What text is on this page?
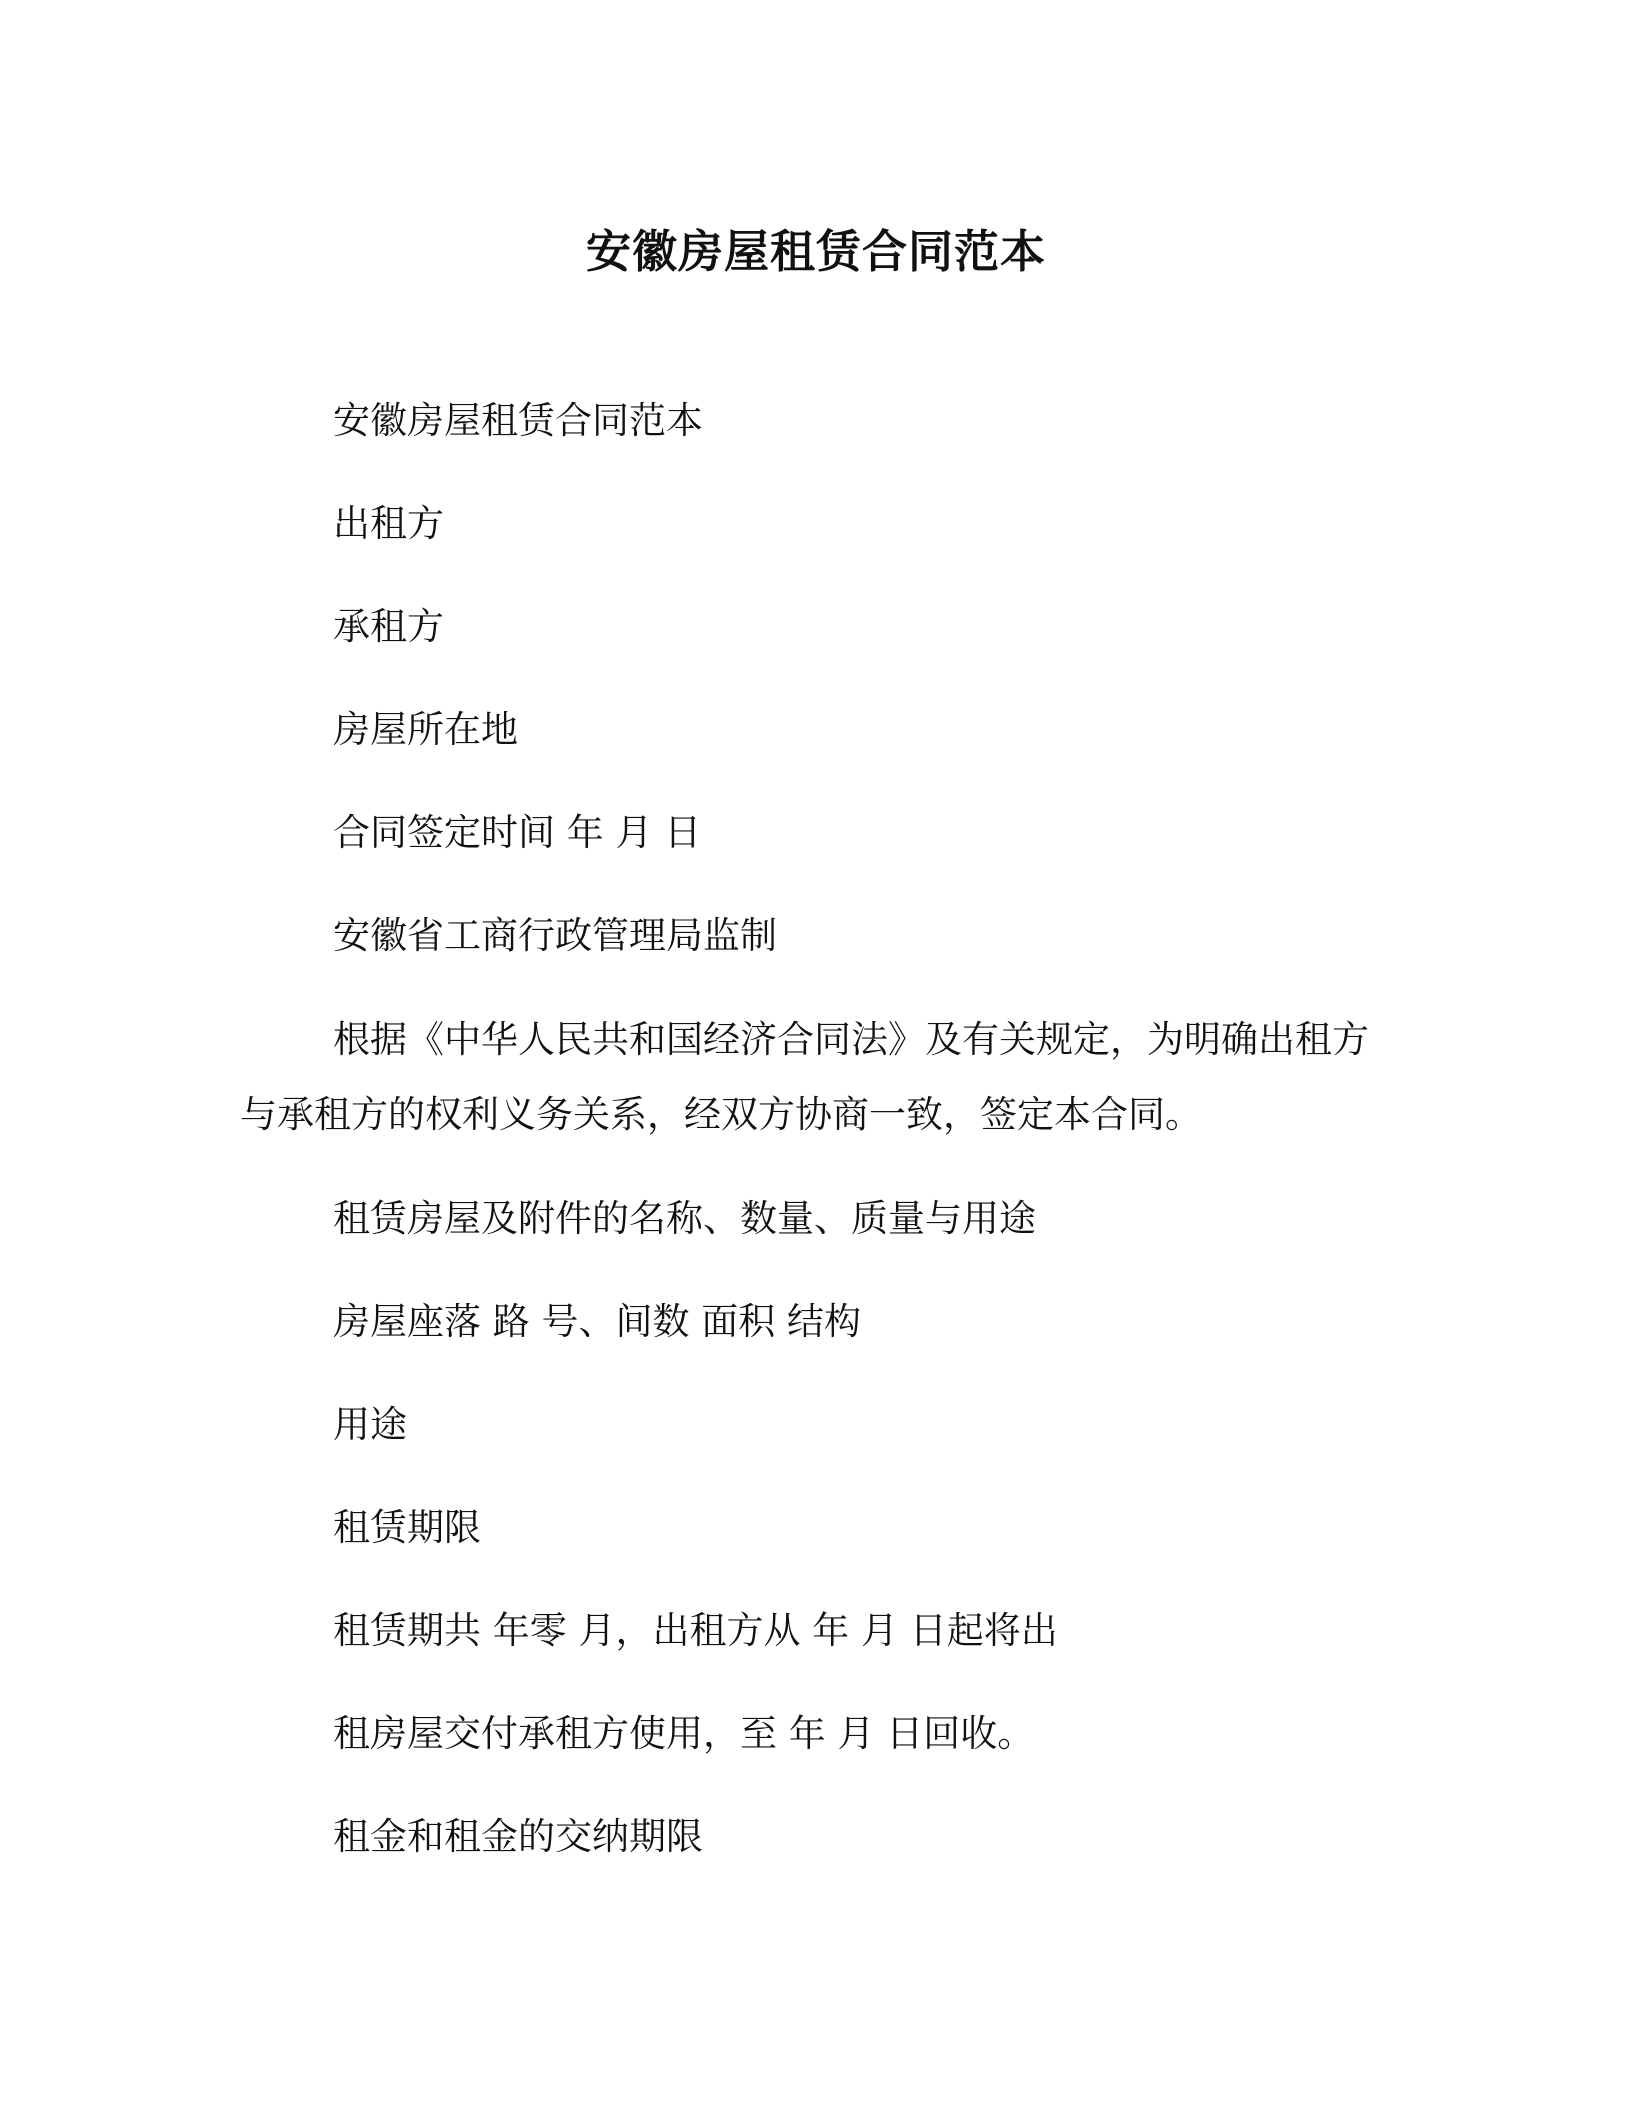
安徽房屋租赁合同范本
安徽房屋租赁合同范本
出租方
承租方
房屋所在地
合同签定时间 年 月 日
安徽省工商行政管理局监制
根据《中华人民共和国经济合同法》及有关规定，为明确出租方与承租方的权利义务关系，经双方协商一致，签定本合同。
租赁房屋及附件的名称、数量、质量与用途
房屋座落 路 号、间数 面积 结构
用途
租赁期限
租赁期共 年零 月，出租方从 年 月 日起将出
租房屋交付承租方使用，至 年 月 日回收。
租金和租金的交纳期限
